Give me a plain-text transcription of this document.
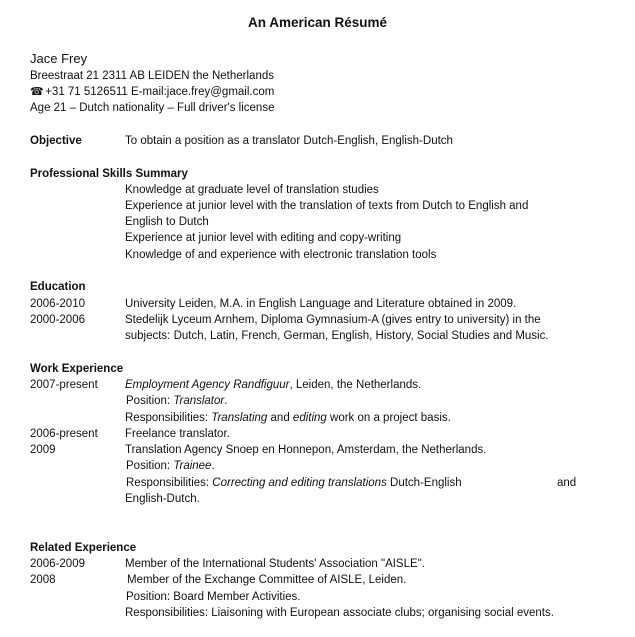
An American Résumé
Jace Frey
Breestraat 21 2311 AB LEIDEN the Netherlands
☎ +31 71 5126511 E-mail:jace.frey@gmail.com
Age 21 – Dutch nationality – Full driver's license
Objective	To obtain a position as a translator Dutch-English, English-Dutch
Professional Skills Summary
Knowledge at graduate level of translation studies
Experience at junior level with the translation of texts from Dutch to English and
English to Dutch
Experience at junior level with editing and copy-writing
Knowledge of and experience with electronic translation tools
Education
2006-2010	University Leiden, M.A. in English Language and Literature obtained in 2009.
2000-2006	Stedelijk Lyceum Arnhem, Diploma Gymnasium-A (gives entry to university) in the
subjects: Dutch, Latin, French, German, English, History, Social Studies and Music.
Work Experience
2007-present Employment Agency Randfiguur, Leiden, the Netherlands.
Position: Translator.
Responsibilities: Translating and editing work on a project basis.
2006-present Freelance translator.
2009	Translation Agency Snoep en Honnepon, Amsterdam, the Netherlands.
Position: Trainee.
Responsibilities: Correcting and editing translations Dutch-English	and
English-Dutch.
Related Experience
2006-2009	Member of the International Students' Association "AISLE".
2008	Member of the Exchange Committee of AISLE, Leiden.
Position: Board Member Activities.
Responsibilities: Liaisoning with European associate clubs; organising social events.
